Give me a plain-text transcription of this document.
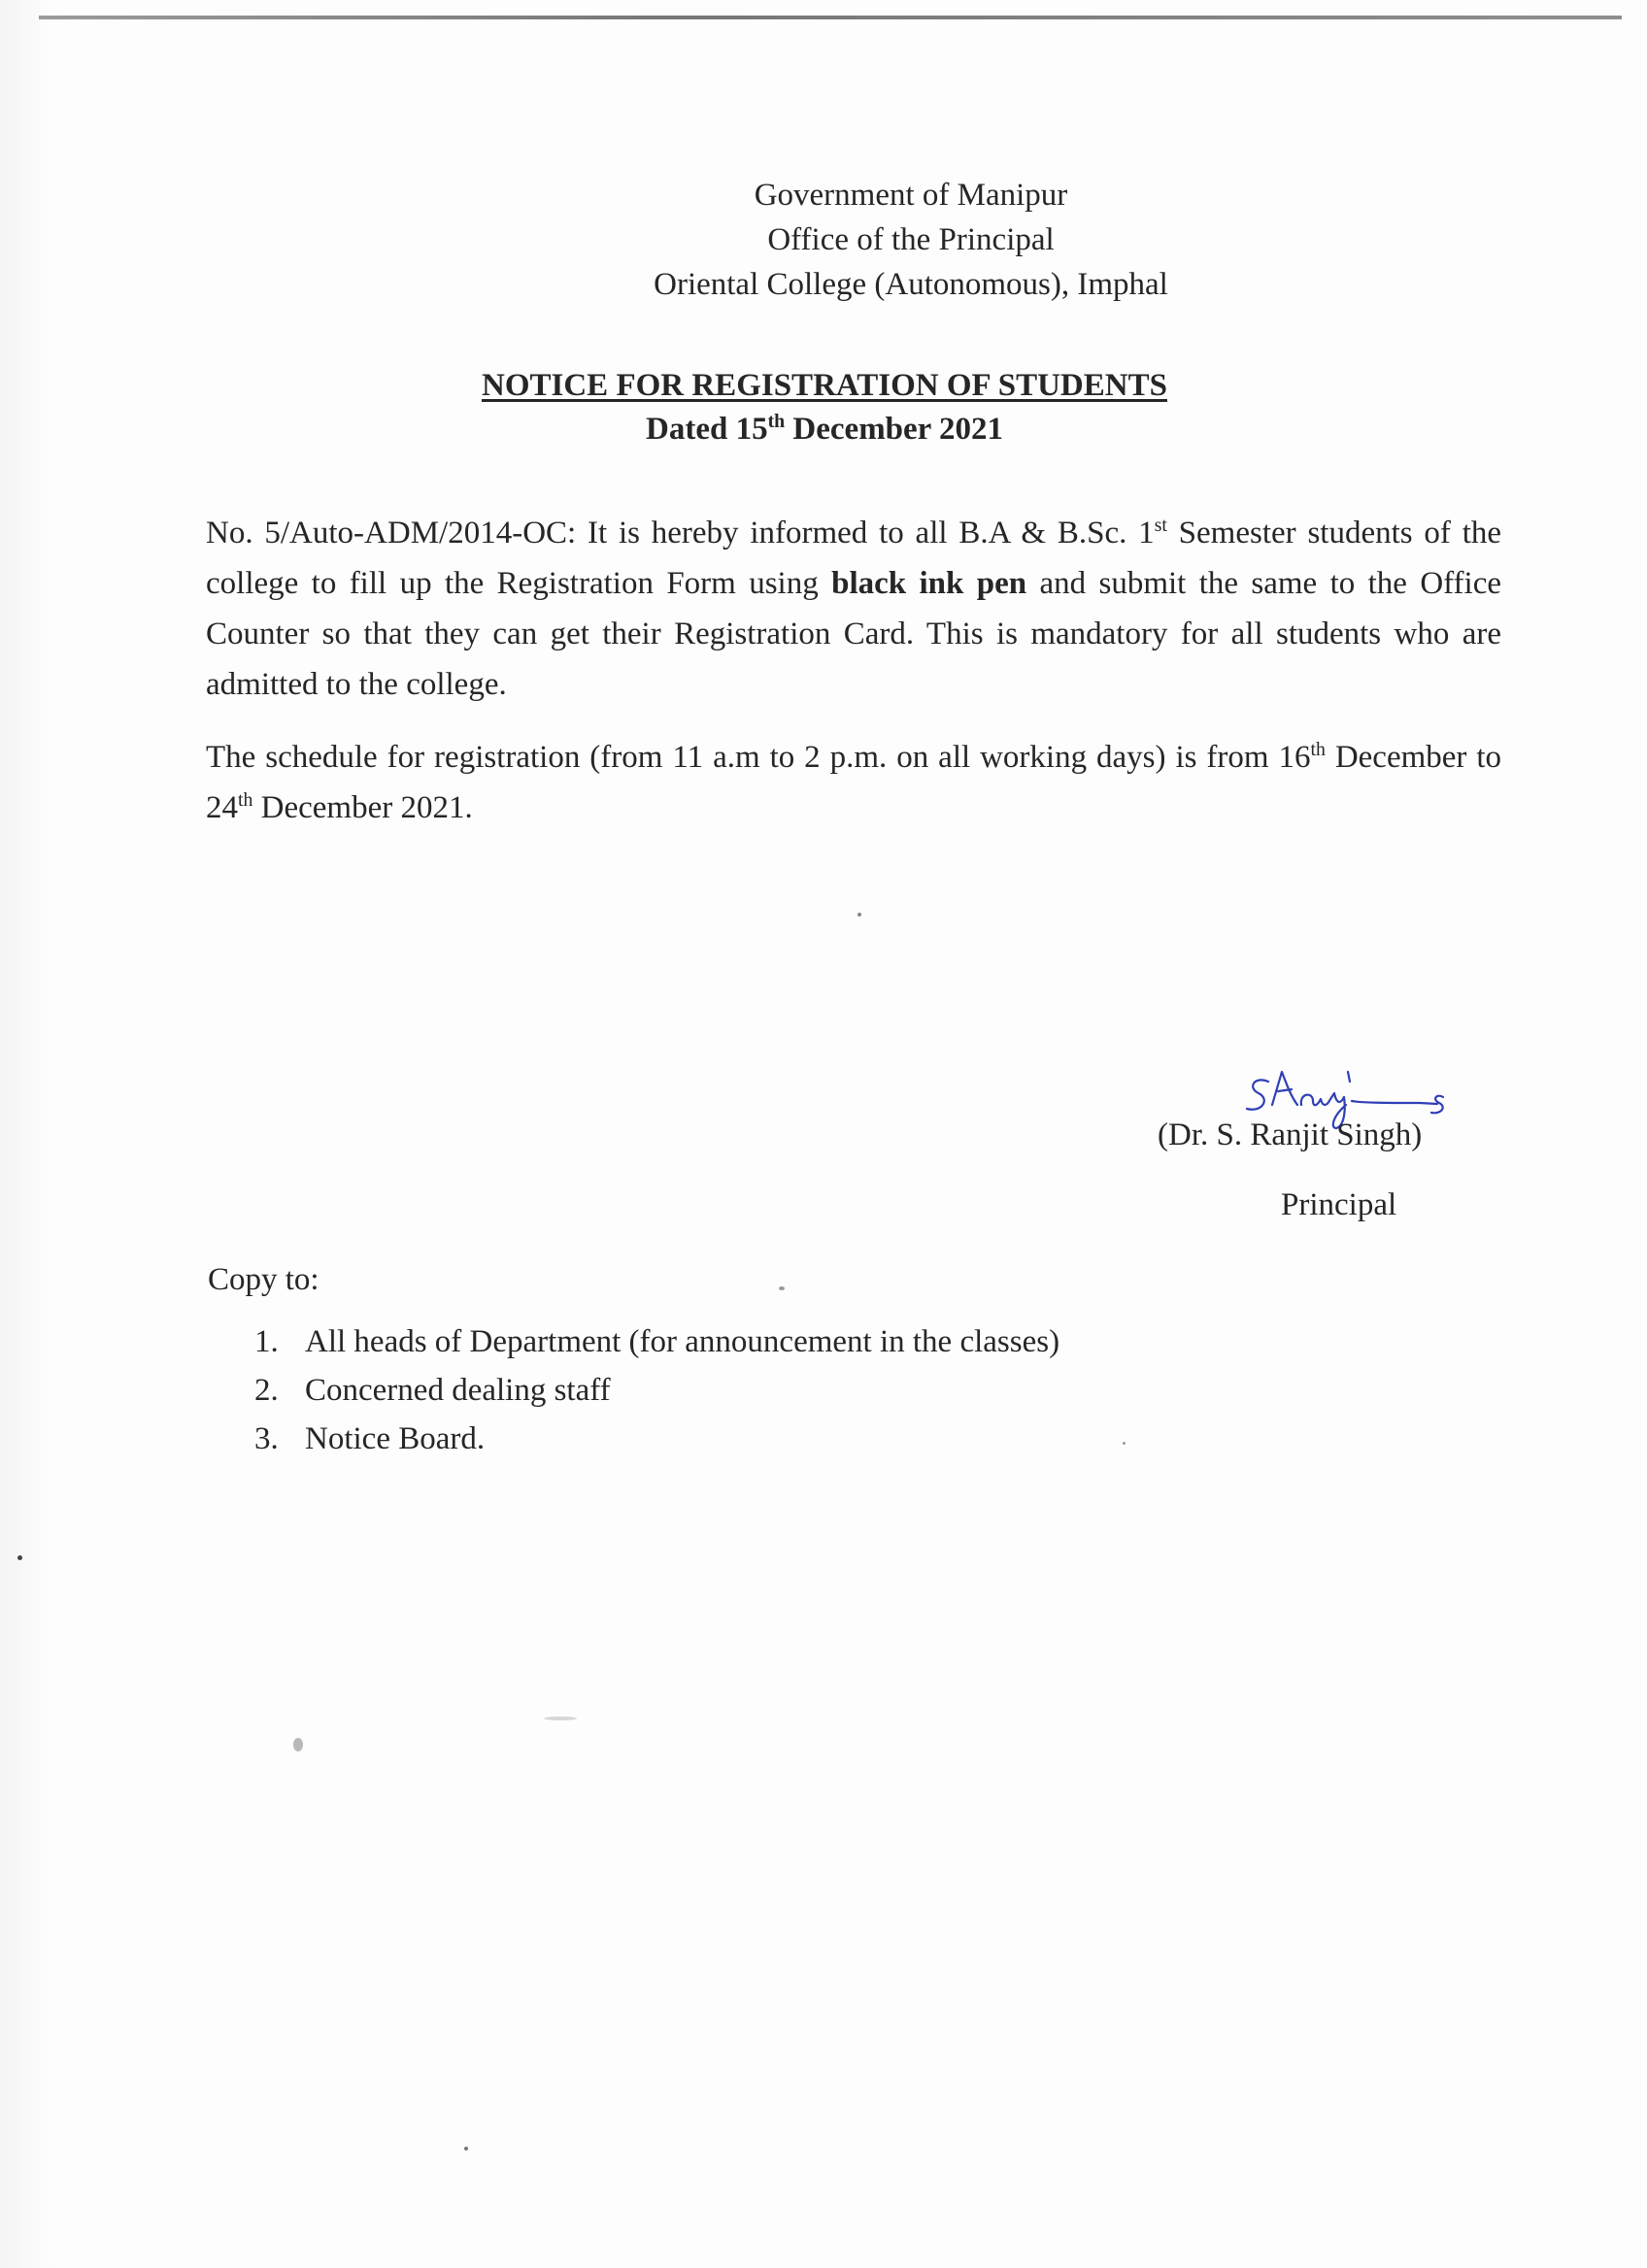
Government of Manipur
Office of the Principal
Oriental College (Autonomous), Imphal
NOTICE FOR REGISTRATION OF STUDENTS
Dated 15th December 2021
No. 5/Auto-ADM/2014-OC: It is hereby informed to all B.A & B.Sc. 1st Semester students of the college to fill up the Registration Form using black ink pen and submit the same to the Office Counter so that they can get their Registration Card. This is mandatory for all students who are admitted to the college.
The schedule for registration (from 11 a.m to 2 p.m. on all working days) is from 16th December to 24th December 2021.
(Dr. S. Ranjit Singh)
Principal
Copy to:
1. All heads of Department (for announcement in the classes)
2. Concerned dealing staff
3. Notice Board.
